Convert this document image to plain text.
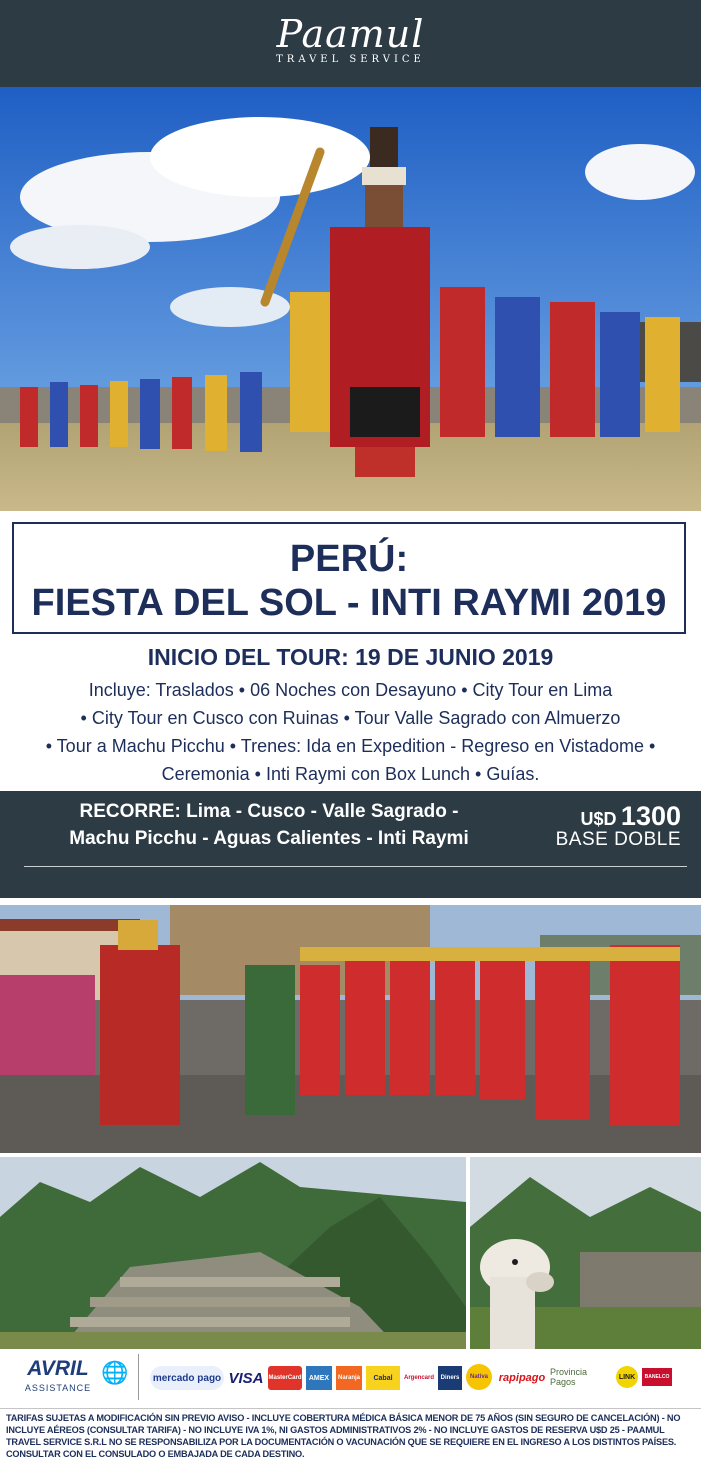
Paamul
TRAVEL SERVICE
PERÚ:
FIESTA DEL SOL - INTI RAYMI 2019
INICIO DEL TOUR: 19 DE JUNIO 2019
Incluye: Traslados • 06 Noches con Desayuno • City Tour en Lima
• City Tour en Cusco con Ruinas • Tour Valle Sagrado con Almuerzo
• Tour a Machu Picchu • Trenes: Ida en Expedition - Regreso en Vistadome •
Ceremonia • Inti Raymi con Box Lunch • Guías.
RECORRE: Lima - Cusco - Valle Sagrado -
Machu Picchu - Aguas Calientes - Inti Raymi
U$D 1300
BASE DOBLE
AVRIL
ASSISTANCE
🌐 mercado pago VISA MasterCard	AMEX	Naranja	Cabal	Argencard	Diners	Nativa rapipago Provincia Pagos	LINK	BANELCO
TARIFAS SUJETAS A MODIFICACIÓN SIN PREVIO AVISO - INCLUYE COBERTURA MÉDICA BÁSICA MENOR DE 75 AÑOS (SIN SEGURO DE CANCELACIÓN) - NO INCLUYE AÉREOS (CONSULTAR TARIFA) - NO INCLUYE IVA 1%, NI GASTOS ADMINISTRATIVOS 2% - NO INCLUYE GASTOS DE RESERVA U$D 25 - PAAMUL TRAVEL SERVICE S.R.L NO SE RESPONSABILIZA POR LA DOCUMENTACIÓN O VACUNACIÓN QUE SE REQUIERE EN EL INGRESO A LOS DISTINTOS PAÍSES. CONSULTAR CON EL CONSULADO O EMBAJADA DE CADA DESTINO.
